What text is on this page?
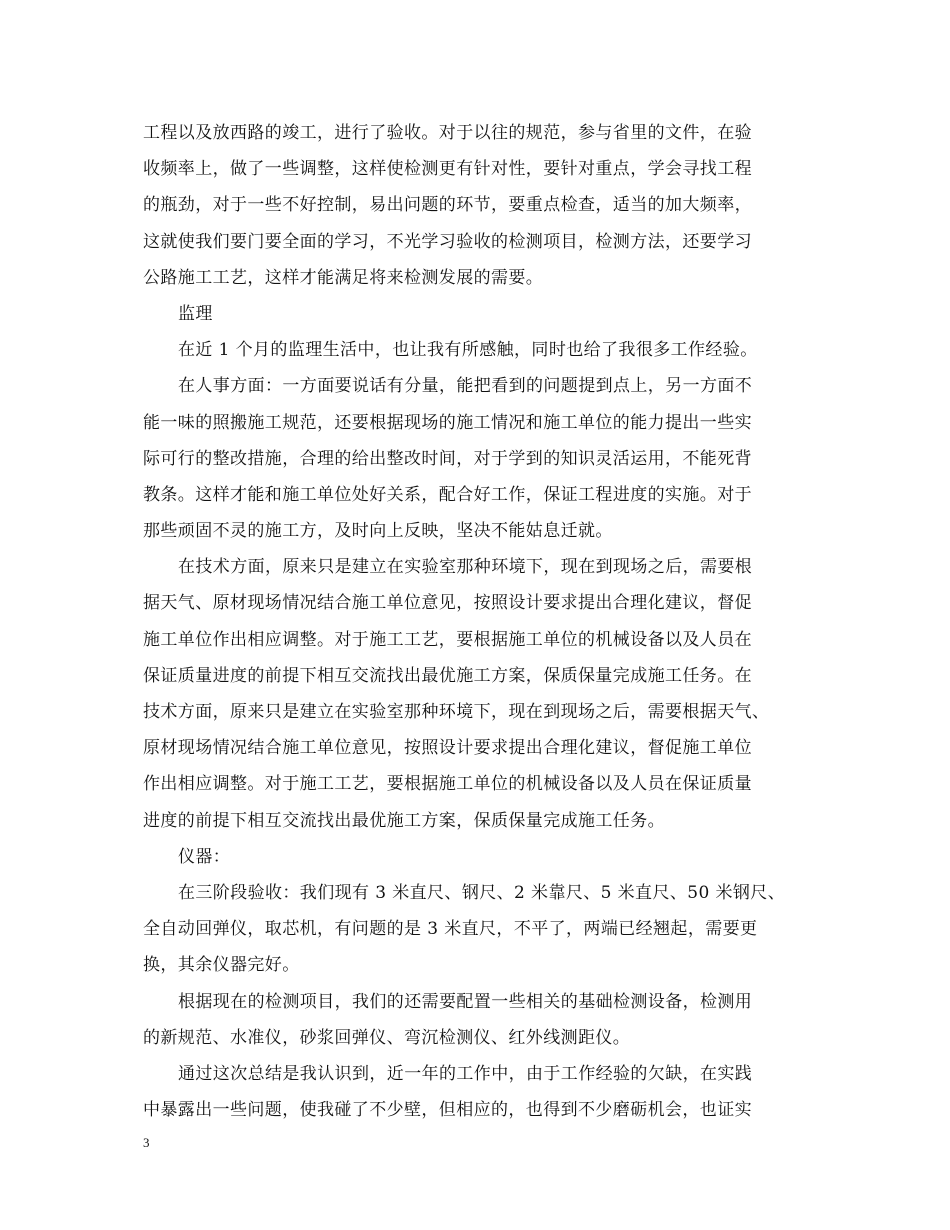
工程以及放西路的竣工，进行了验收。对于以往的规范，参与省里的文件，在验
收频率上，做了一些调整，这样使检测更有针对性，要针对重点，学会寻找工程
的瓶劲，对于一些不好控制，易出问题的环节，要重点检查，适当的加大频率，
这就使我们要门要全面的学习，不光学习验收的检测项目，检测方法，还要学习
公路施工工艺，这样才能满足将来检测发展的需要。
监理
在近 1 个月的监理生活中，也让我有所感触，同时也给了我很多工作经验。
在人事方面：一方面要说话有分量，能把看到的问题提到点上，另一方面不
能一味的照搬施工规范，还要根据现场的施工情况和施工单位的能力提出一些实
际可行的整改措施，合理的给出整改时间，对于学到的知识灵活运用，不能死背
教条。这样才能和施工单位处好关系，配合好工作，保证工程进度的实施。对于
那些顽固不灵的施工方，及时向上反映，坚决不能姑息迁就。
在技术方面，原来只是建立在实验室那种环境下，现在到现场之后，需要根
据天气、原材现场情况结合施工单位意见，按照设计要求提出合理化建议，督促
施工单位作出相应调整。对于施工工艺，要根据施工单位的机械设备以及人员在
保证质量进度的前提下相互交流找出最优施工方案，保质保量完成施工任务。在
技术方面，原来只是建立在实验室那种环境下，现在到现场之后，需要根据天气、
原材现场情况结合施工单位意见，按照设计要求提出合理化建议，督促施工单位
作出相应调整。对于施工工艺，要根据施工单位的机械设备以及人员在保证质量
进度的前提下相互交流找出最优施工方案，保质保量完成施工任务。
仪器：
在三阶段验收：我们现有 3 米直尺、钢尺、2 米靠尺、5 米直尺、50 米钢尺、
全自动回弹仪，取芯机，有问题的是 3 米直尺，不平了，两端已经翘起，需要更
换，其余仪器完好。
根据现在的检测项目，我们的还需要配置一些相关的基础检测设备，检测用
的新规范、水准仪，砂浆回弹仪、弯沉检测仪、红外线测距仪。
通过这次总结是我认识到，近一年的工作中，由于工作经验的欠缺，在实践
中暴露出一些问题，使我碰了不少壁，但相应的，也得到不少磨砺机会，也证实
3
